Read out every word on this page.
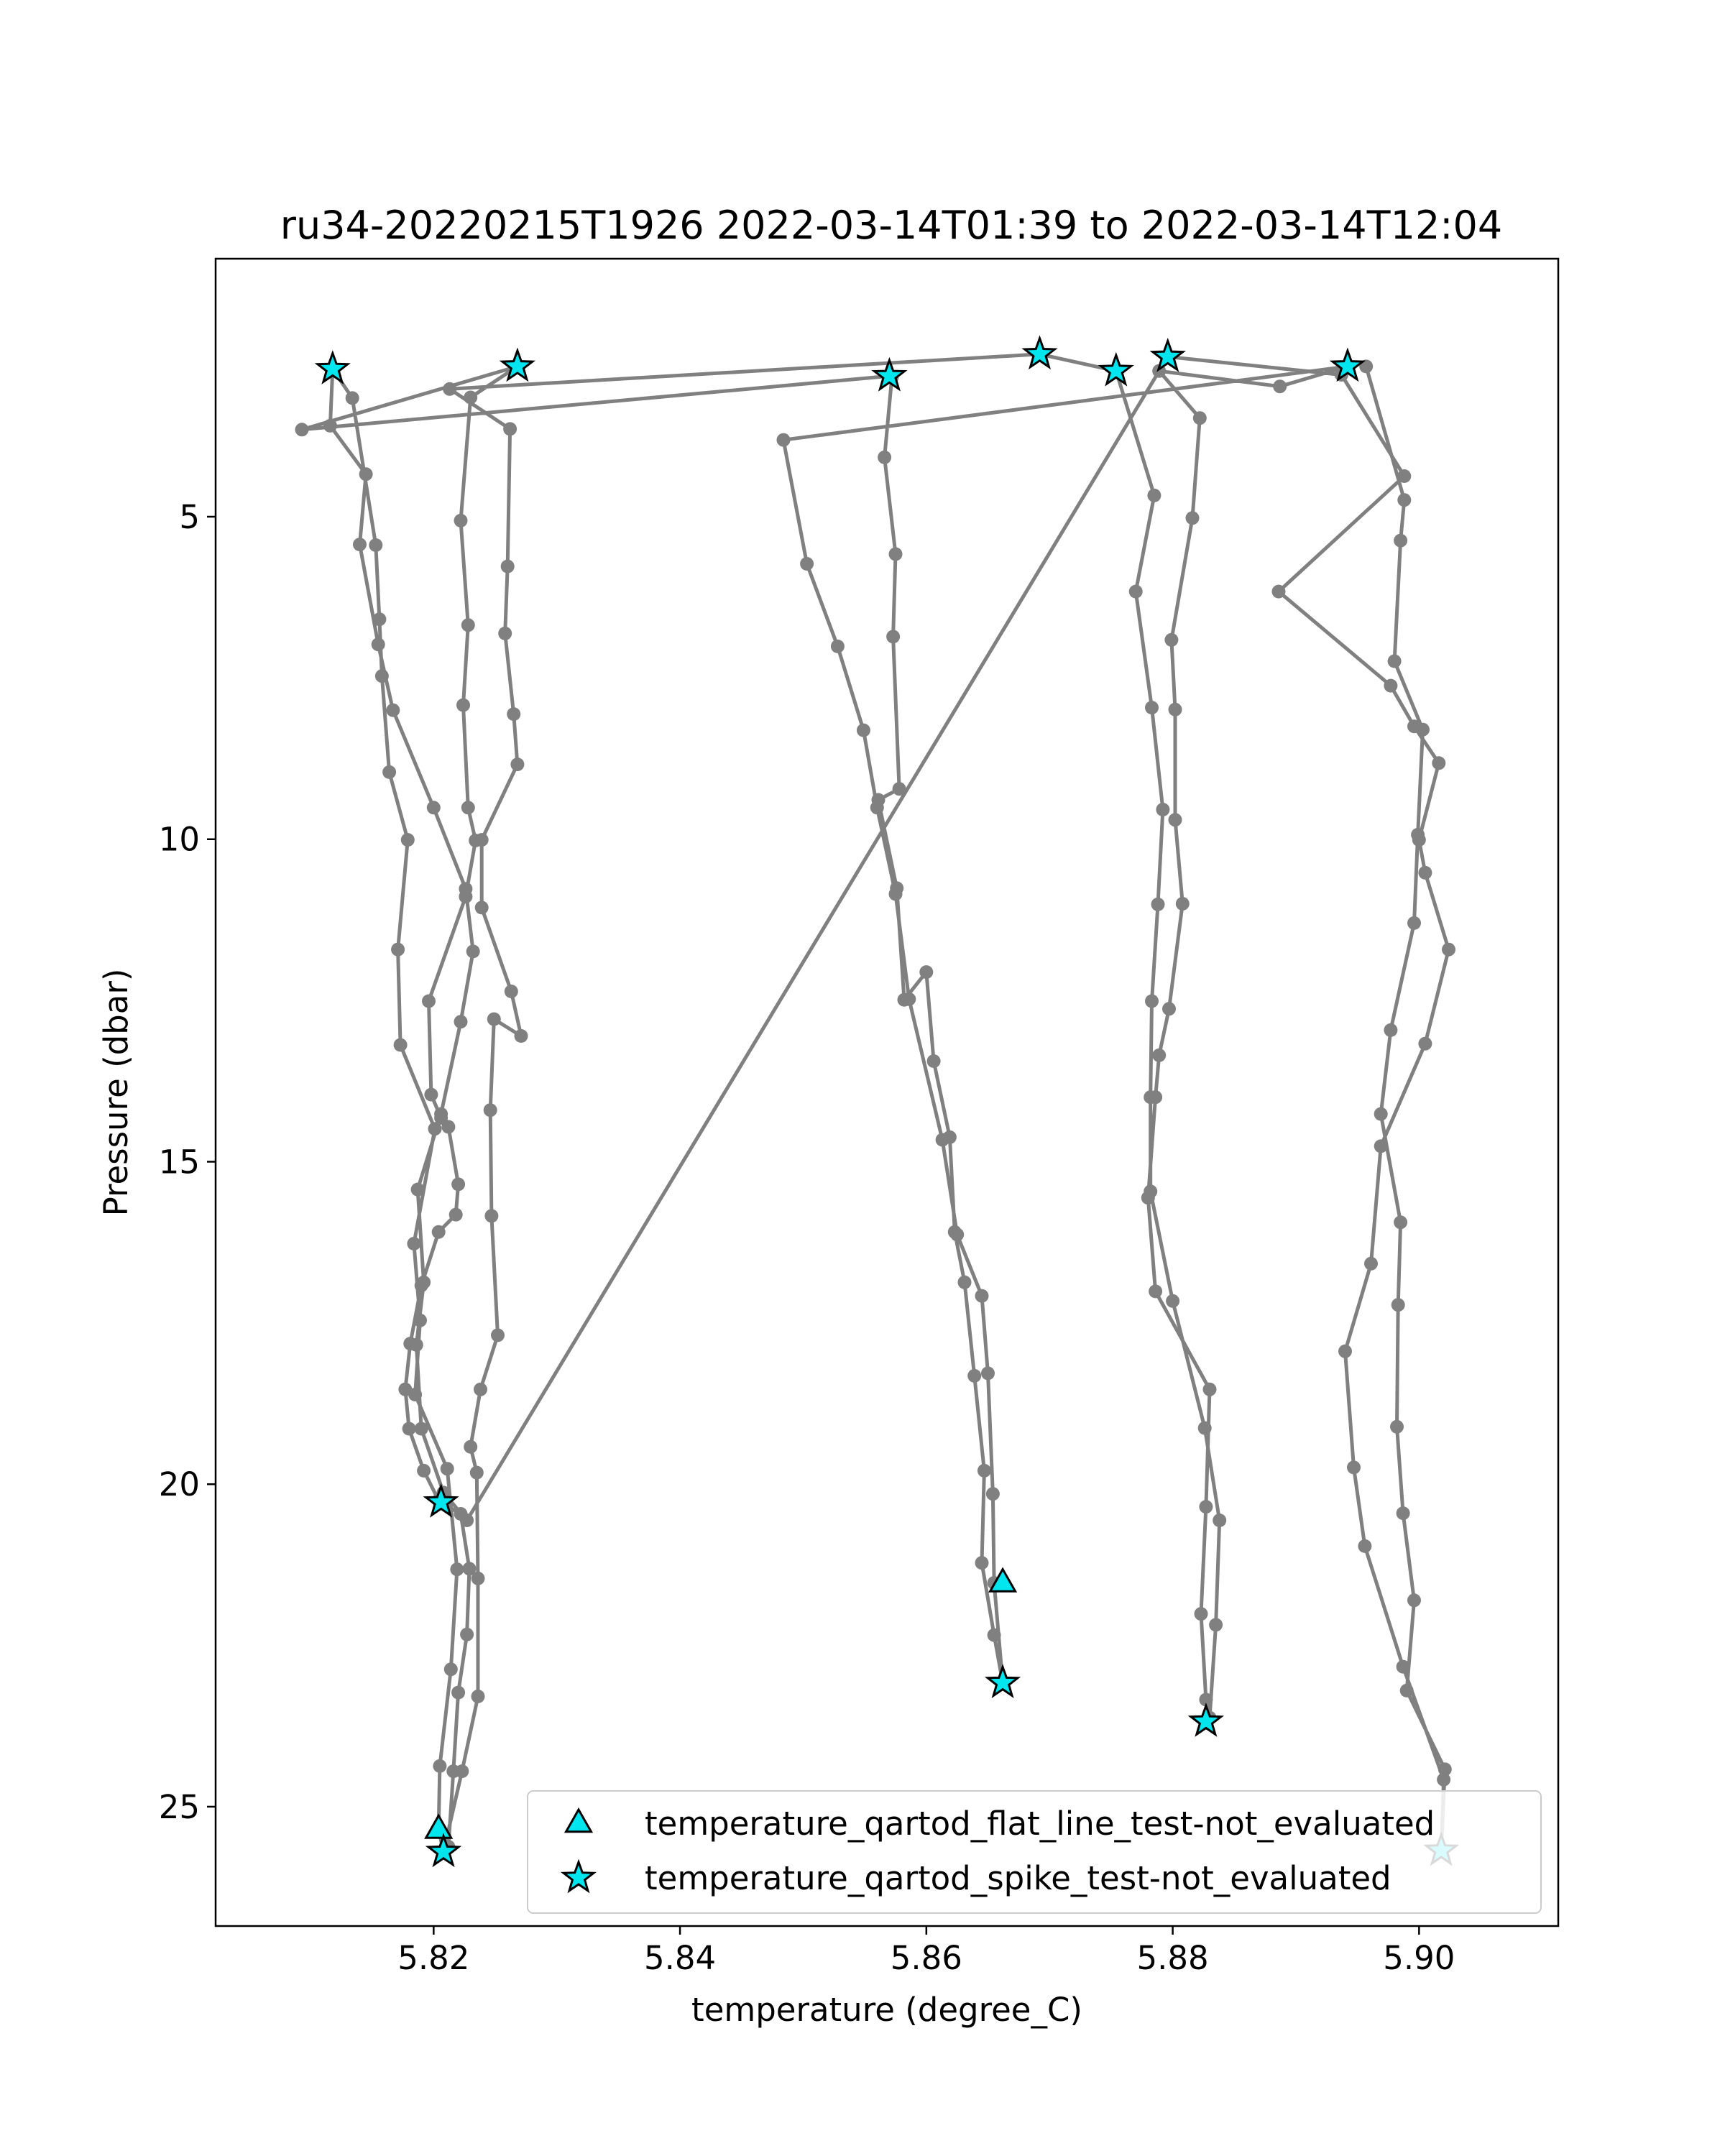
ru34-20220215T1926 2022-03-14T01:39 to 2022-03-14T12:04
5.82	5.84	5.86	5.88	5.90
5
10
15
20
25
temperature (degree_C)
Pressure (dbar)
temperature_qartod_flat_line_test-not_evaluated
temperature_qartod_spike_test-not_evaluated
